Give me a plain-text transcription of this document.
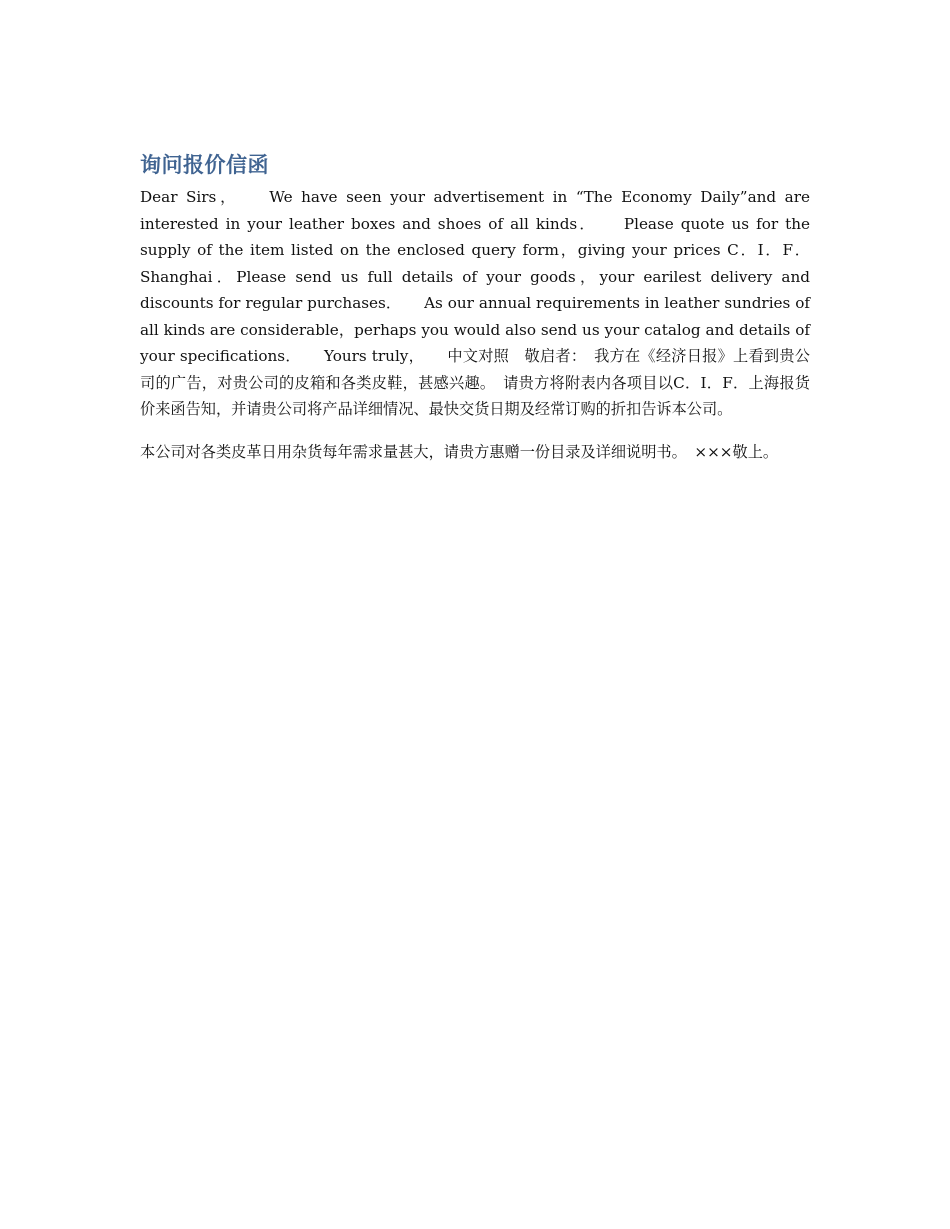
询问报价信函

Dear Sirs，　　We have seen your advertisement in “The Economy Daily”and are interested in your leather boxes and shoes of all kinds．　　Please quote us for the supply of the item listed on the enclosed query form，giving your prices C．I．F．Shanghai．Please send us full details of your goods，your earilest delivery and discounts for regular purchases．　　As our annual requirements in leather sundries of all kinds are considerable，perhaps you would also send us your catalog and details of your specifications．　　Yours truly，　　中文对照　敬启者：　我方在《经济日报》上看到贵公司的广告，对贵公司的皮箱和各类皮鞋，甚感兴趣。　请贵方将附表内各项目以C．I．F．上海报货价来函告知，并请贵公司将产品详细情况、最快交货日期及经常订购的折扣告诉本公司。

本公司对各类皮革日用杂货每年需求量甚大，请贵方惠赠一份目录及详细说明书。　×××敬上。
